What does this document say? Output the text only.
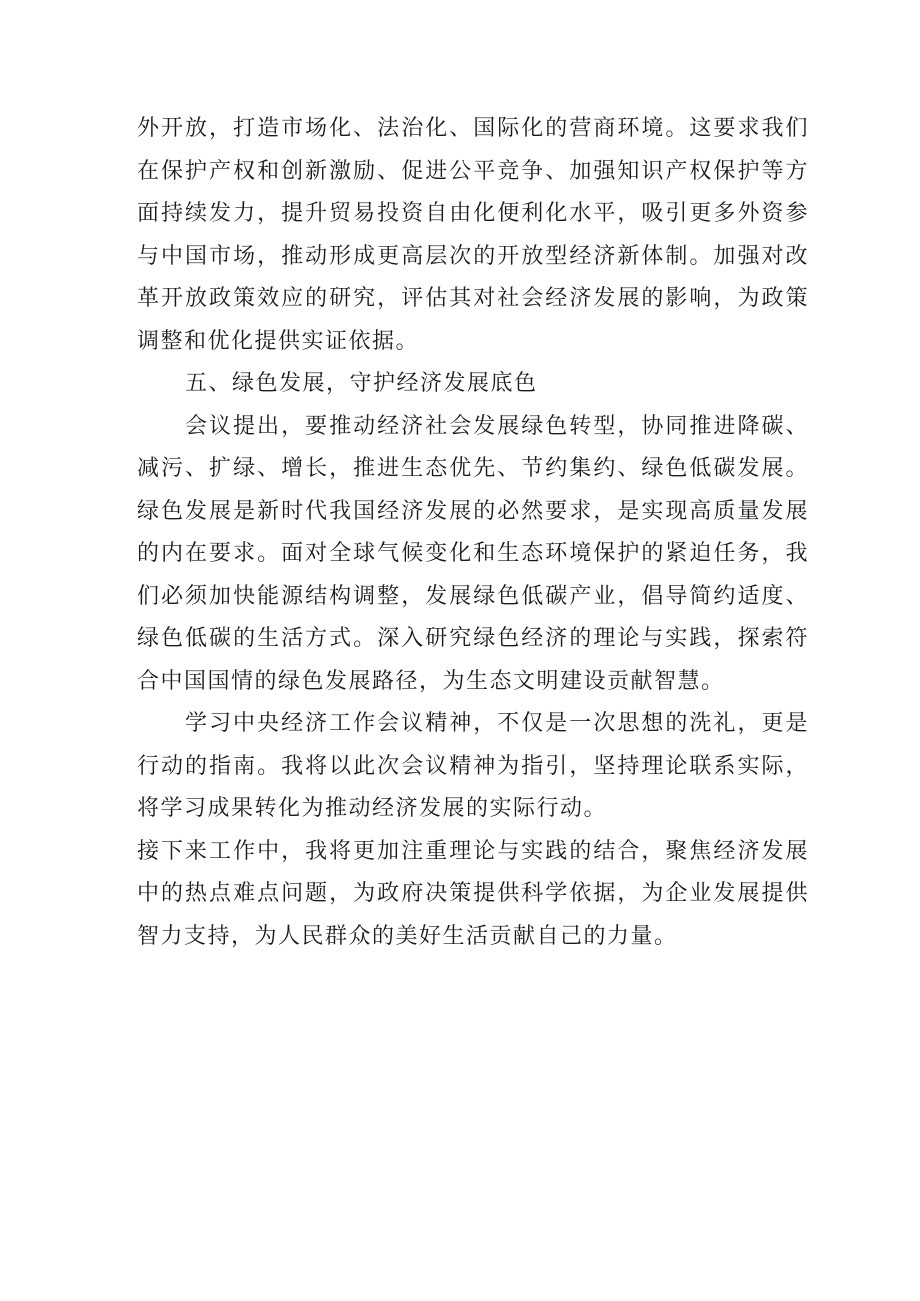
外开放，打造市场化、法治化、国际化的营商环境。这要求我们在保护产权和创新激励、促进公平竞争、加强知识产权保护等方面持续发力，提升贸易投资自由化便利化水平，吸引更多外资参与中国市场，推动形成更高层次的开放型经济新体制。加强对改革开放政策效应的研究，评估其对社会经济发展的影响，为政策调整和优化提供实证依据。

五、绿色发展，守护经济发展底色

会议提出，要推动经济社会发展绿色转型，协同推进降碳、减污、扩绿、增长，推进生态优先、节约集约、绿色低碳发展。绿色发展是新时代我国经济发展的必然要求，是实现高质量发展的内在要求。面对全球气候变化和生态环境保护的紧迫任务，我们必须加快能源结构调整，发展绿色低碳产业，倡导简约适度、绿色低碳的生活方式。深入研究绿色经济的理论与实践，探索符合中国国情的绿色发展路径，为生态文明建设贡献智慧。

学习中央经济工作会议精神，不仅是一次思想的洗礼，更是行动的指南。我将以此次会议精神为指引，坚持理论联系实际，将学习成果转化为推动经济发展的实际行动。

接下来工作中，我将更加注重理论与实践的结合，聚焦经济发展中的热点难点问题，为政府决策提供科学依据，为企业发展提供智力支持，为人民群众的美好生活贡献自己的力量。
